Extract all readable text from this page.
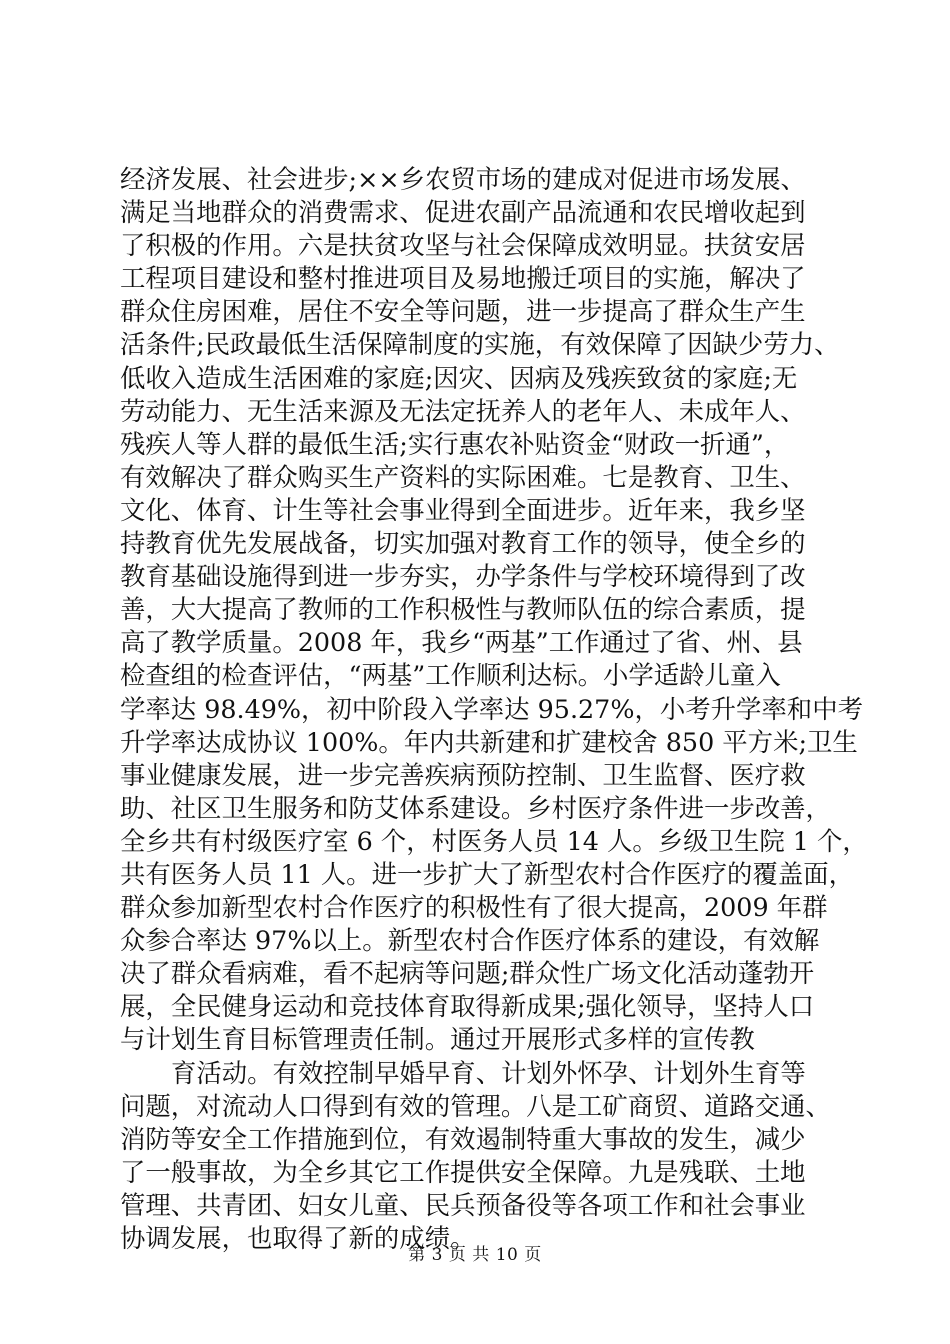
经济发展、社会进步;××乡农贸市场的建成对促进市场发展、
满足当地群众的消费需求、促进农副产品流通和农民增收起到
了积极的作用。六是扶贫攻坚与社会保障成效明显。扶贫安居
工程项目建设和整村推进项目及易地搬迁项目的实施，解决了
群众住房困难，居住不安全等问题，进一步提高了群众生产生
活条件;民政最低生活保障制度的实施，有效保障了因缺少劳力、
低收入造成生活困难的家庭;因灾、因病及残疾致贫的家庭;无
劳动能力、无生活来源及无法定抚养人的老年人、未成年人、
残疾人等人群的最低生活;实行惠农补贴资金“财政一折通”，
有效解决了群众购买生产资料的实际困难。七是教育、卫生、
文化、体育、计生等社会事业得到全面进步。近年来，我乡坚
持教育优先发展战备，切实加强对教育工作的领导，使全乡的
教育基础设施得到进一步夯实，办学条件与学校环境得到了改
善，大大提高了教师的工作积极性与教师队伍的综合素质，提
高了教学质量。2008 年，我乡“两基”工作通过了省、州、县
检查组的检查评估，“两基”工作顺利达标。小学适龄儿童入
学率达 98.49%，初中阶段入学率达 95.27%，小考升学率和中考
升学率达成协议 100%。年内共新建和扩建校舍 850 平方米;卫生
事业健康发展，进一步完善疾病预防控制、卫生监督、医疗救
助、社区卫生服务和防艾体系建设。乡村医疗条件进一步改善，
全乡共有村级医疗室 6 个，村医务人员 14 人。乡级卫生院 1 个，
共有医务人员 11 人。进一步扩大了新型农村合作医疗的覆盖面，
群众参加新型农村合作医疗的积极性有了很大提高，2009 年群
众参合率达 97%以上。新型农村合作医疗体系的建设，有效解
决了群众看病难，看不起病等问题;群众性广场文化活动蓬勃开
展，全民健身运动和竞技体育取得新成果;强化领导，坚持人口
与计划生育目标管理责任制。通过开展形式多样的宣传教
育活动。有效控制早婚早育、计划外怀孕、计划外生育等
问题，对流动人口得到有效的管理。八是工矿商贸、道路交通、
消防等安全工作措施到位，有效遏制特重大事故的发生，减少
了一般事故，为全乡其它工作提供安全保障。九是残联、土地
管理、共青团、妇女儿童、民兵预备役等各项工作和社会事业
协调发展，也取得了新的成绩。
第 3 页 共 10 页
